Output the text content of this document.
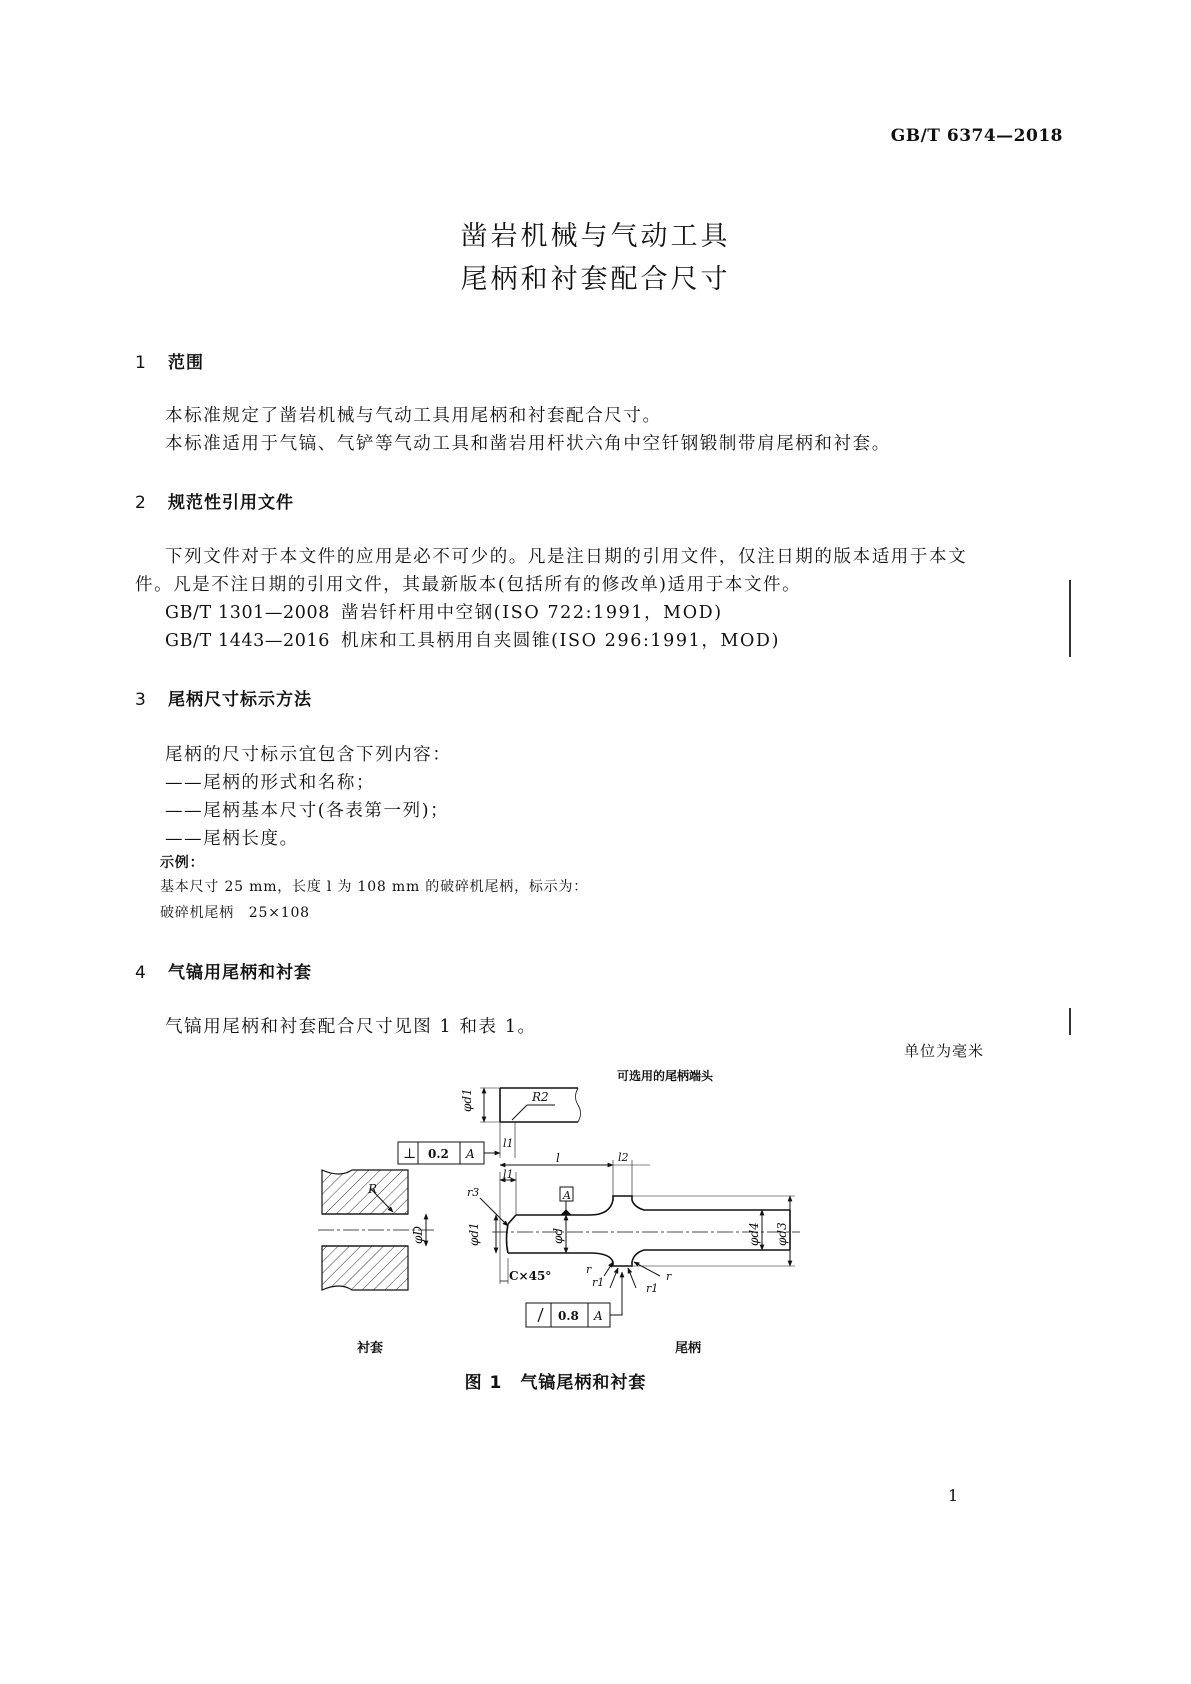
GB/T 6374—2018
凿岩机械与气动工具
尾柄和衬套配合尺寸
1 范围
本标准规定了凿岩机械与气动工具用尾柄和衬套配合尺寸。
本标准适用于气镐、气铲等气动工具和凿岩用杆状六角中空钎钢锻制带肩尾柄和衬套。
2 规范性引用文件
下列文件对于本文件的应用是必不可少的。凡是注日期的引用文件，仅注日期的版本适用于本文
件。凡是不注日期的引用文件，其最新版本(包括所有的修改单)适用于本文件。
GB/T 1301—2008 凿岩钎杆用中空钢(ISO 722:1991，MOD)
GB/T 1443—2016 机床和工具柄用自夹圆锥(ISO 296:1991，MOD)
3 尾柄尺寸标示方法
尾柄的尺寸标示宜包含下列内容：
——尾柄的形式和名称；
——尾柄基本尺寸(各表第一列)；
——尾柄长度。
示例：
基本尺寸 25 mm，长度 l 为 108 mm 的破碎机尾柄，标示为：
破碎机尾柄　25×108
4 气镐用尾柄和衬套
气镐用尾柄和衬套配合尺寸见图 1 和表 1。
单位为毫米
可选用的尾柄端头
R2
φd1
l1
⊥ 0.2 A	l	l2
l1
r3	A
R
φD	φd1	φd	φd4 φd3
C×45°	r
r1	r1
r
0.8 A
衬套	尾柄
图 1　气镐尾柄和衬套
1
